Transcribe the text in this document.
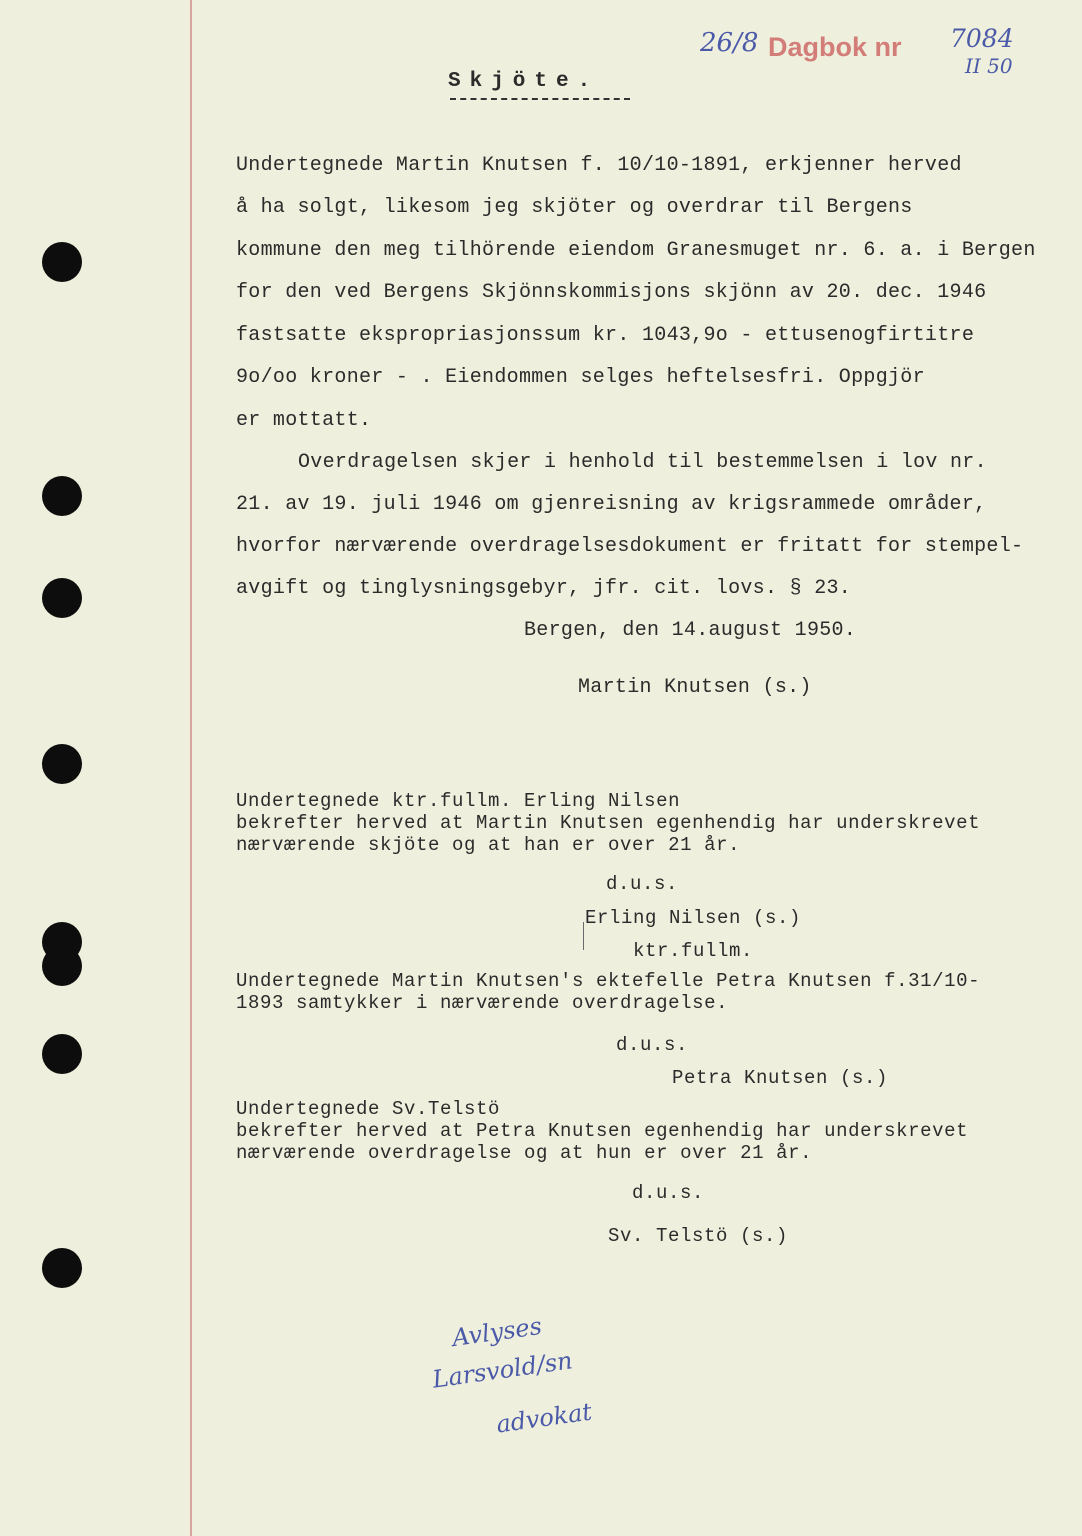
26/8 Dagbok nr 7084
II 50
Skjöte.
Undertegnede Martin Knutsen f. 10/10-1891, erkjenner herved
å ha solgt, likesom jeg skjöter og overdrar til Bergens
kommune den meg tilhörende eiendom Granesmuget nr. 6. a. i Bergen
for den ved Bergens Skjönnskommisjons skjönn av 20. dec. 1946
fastsatte ekspropriasjonssum kr. 1043,9o - ettusenogfirtitre
9o/oo kroner - . Eiendommen selges heftelsesfri. Oppgjör
er mottatt.
Overdragelsen skjer i henhold til bestemmelsen i lov nr.
21. av 19. juli 1946 om gjenreisning av krigsrammede områder,
hvorfor nærværende overdragelsesdokument er fritatt for stempel-
avgift og tinglysningsgebyr, jfr. cit. lovs. § 23.
Bergen, den 14.august 1950.
Martin Knutsen (s.)
Undertegnede ktr.fullm. Erling Nilsen
bekrefter herved at Martin Knutsen egenhendig har underskrevet
nærværende skjöte og at han er over 21 år.
d.u.s.
Erling Nilsen (s.)
ktr.fullm.
Undertegnede Martin Knutsen's ektefelle Petra Knutsen f.31/10-
1893 samtykker i nærværende overdragelse.
d.u.s.
Petra Knutsen (s.)
Undertegnede Sv.Telstö
bekrefter herved at Petra Knutsen egenhendig har underskrevet
nærværende overdragelse og at hun er over 21 år.
d.u.s.
Sv. Telstö (s.)
Avlyses
Larsvold/sn
advokat
